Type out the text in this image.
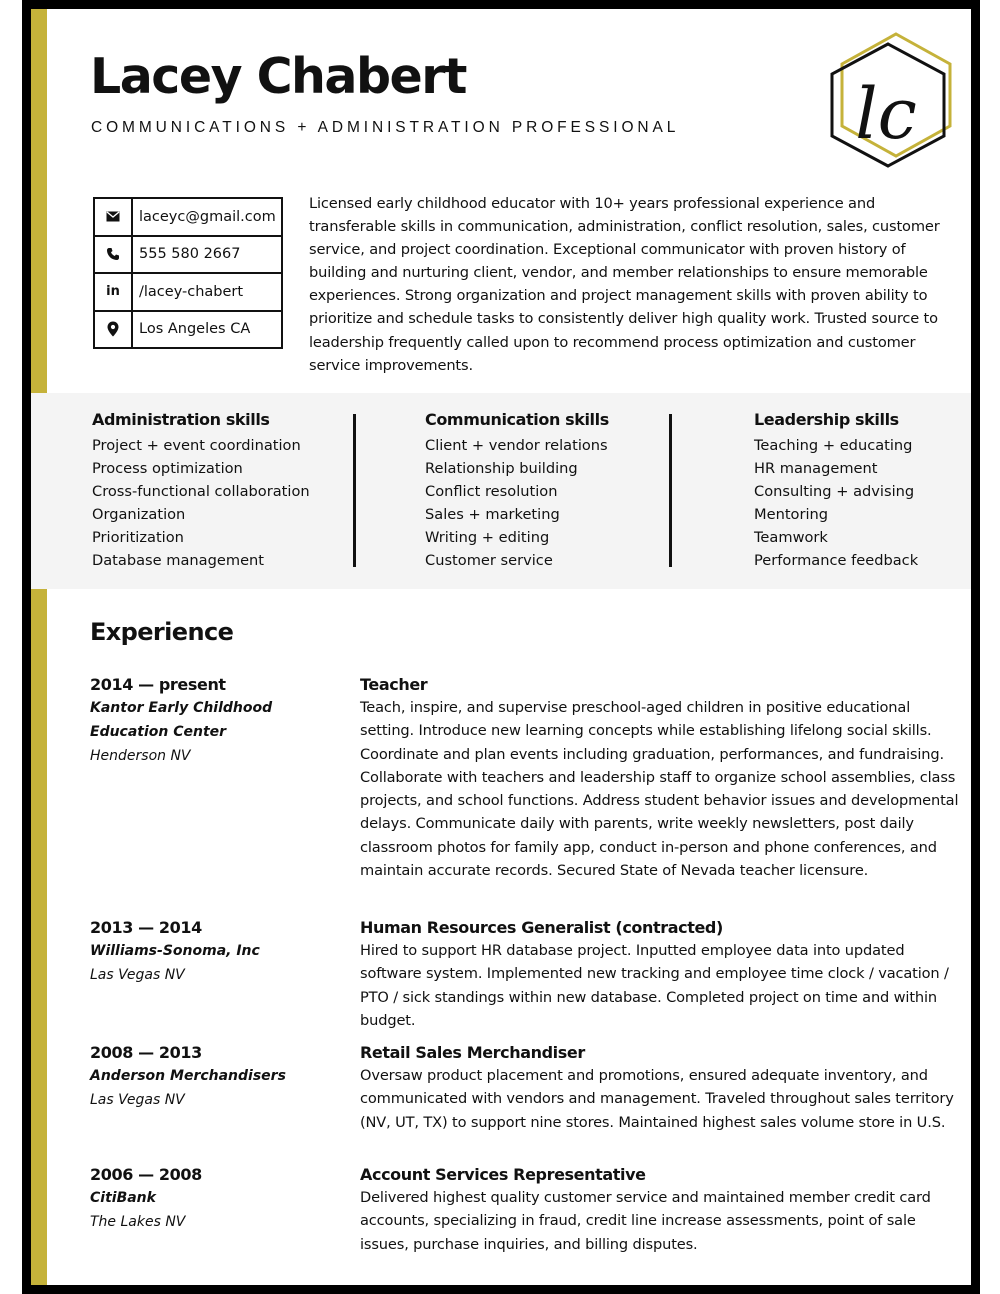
Lacey Chabert

COMMUNICATIONS + ADMINISTRATION PROFESSIONAL	lc
laceyc@gmail.com
555 580 2667
in	/lacey-chabert
Los Angeles CA

Licensed early childhood educator with 10+ years professional experience and transferable skills in communication, administration, conflict resolution, sales, customer service, and project coordination. Exceptional communicator with proven history of building and nurturing client, vendor, and member relationships to ensure memorable experiences. Strong organization and project management skills with proven ability to prioritize and schedule tasks to consistently deliver high quality work. Trusted source to leadership frequently called upon to recommend process optimization and customer service improvements.

Administration skills
Project + event coordination
Process optimization
Cross-functional collaboration
Organization
Prioritization
Database management
Communication skills
Client + vendor relations
Relationship building
Conflict resolution
Sales + marketing
Writing + editing
Customer service
Leadership skills
Teaching + educating
HR management
Consulting + advising
Mentoring
Teamwork
Performance feedback
Experience

2014 — present

Kantor Early Childhood Education Center

Henderson NV

Teacher

Teach, inspire, and supervise preschool-aged children in positive educational setting. Introduce new learning concepts while establishing lifelong social skills. Coordinate and plan events including graduation, performances, and fundraising. Collaborate with teachers and leadership staff to organize school assemblies, class projects, and school functions. Address student behavior issues and developmental delays. Communicate daily with parents, write weekly newsletters, post daily classroom photos for family app, conduct in-person and phone conferences, and maintain accurate records. Secured State of Nevada teacher licensure.

2013 — 2014

Williams-Sonoma, Inc

Las Vegas NV

Human Resources Generalist (contracted)

Hired to support HR database project. Inputted employee data into updated software system. Implemented new tracking and employee time clock / vacation / PTO / sick standings within new database. Completed project on time and within budget.

2008 — 2013

Anderson Merchandisers

Las Vegas NV

Retail Sales Merchandiser

Oversaw product placement and promotions, ensured adequate inventory, and communicated with vendors and management. Traveled throughout sales territory (NV, UT, TX) to support nine stores. Maintained highest sales volume store in U.S.

2006 — 2008

CitiBank

The Lakes NV

Account Services Representative

Delivered highest quality customer service and maintained member credit card accounts, specializing in fraud, credit line increase assessments, point of sale issues, purchase inquiries, and billing disputes.
